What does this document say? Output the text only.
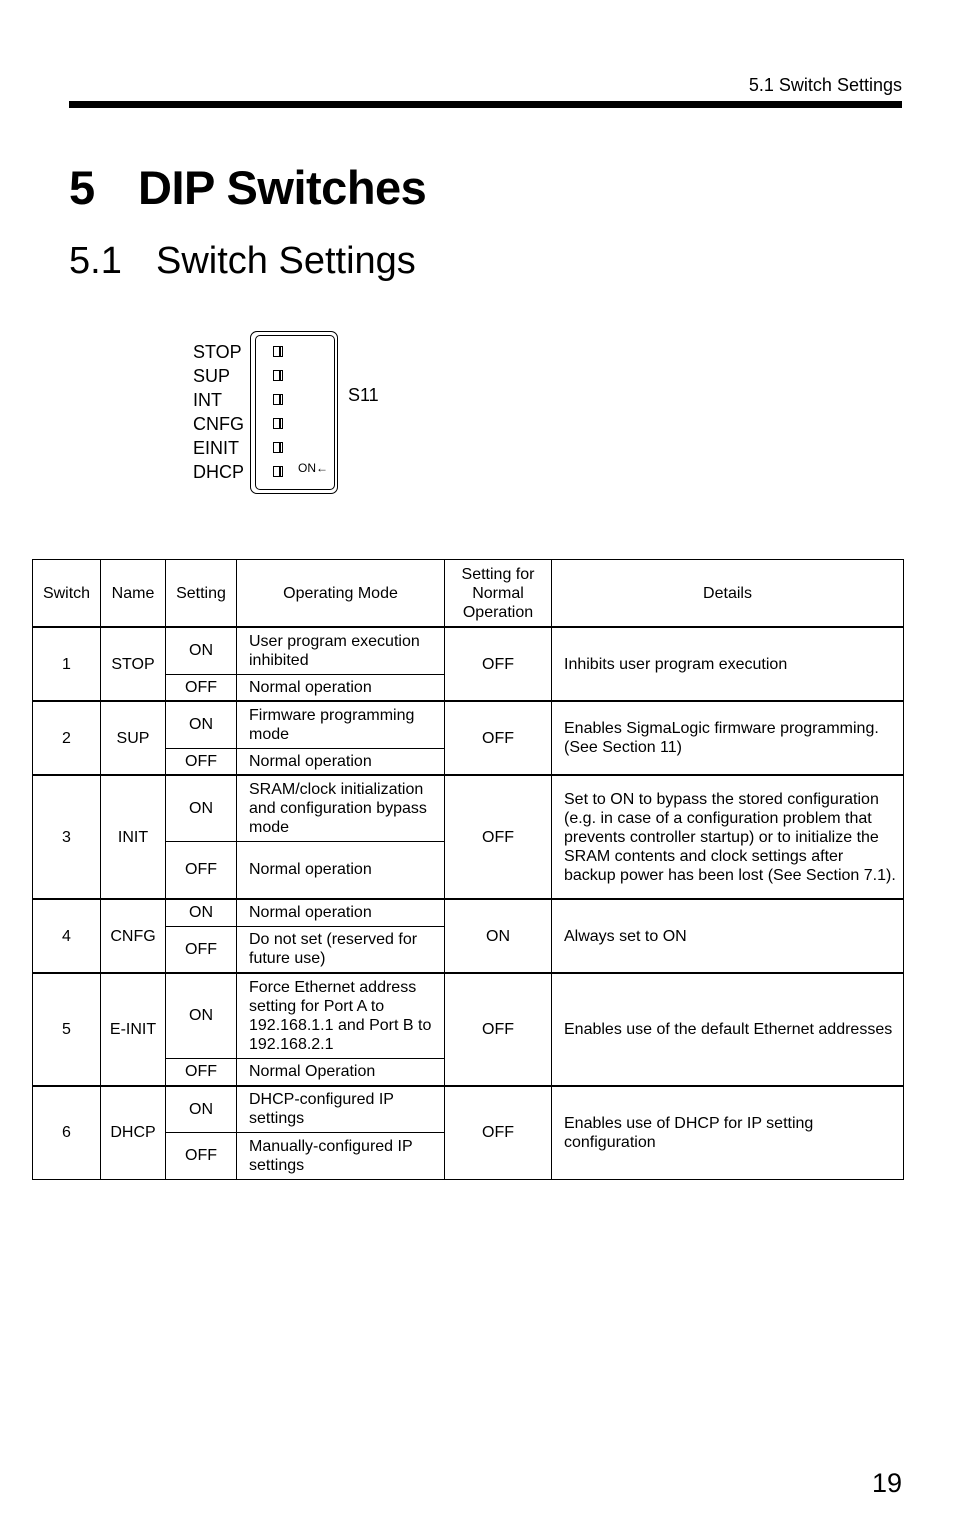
5.1 Switch Settings
5 DIP Switches
5.1 Switch Settings
STOP
SUP
INT
CNFG
EINIT
DHCP	ON←
S11
Switch	Name	Setting	Operating Mode	Setting for Normal Operation	Details
1	STOP	ON	User program execution inhibited	OFF	Inhibits user program execution
		OFF	Normal operation		
2	SUP	ON	Firmware programming mode	OFF	Enables SigmaLogic firmware programming. (See Section 11)
		OFF	Normal operation		
3	INIT	ON	SRAM/clock initialization and configuration bypass mode	OFF	Set to ON to bypass the stored configuration (e.g. in case of a configuration problem that prevents controller startup) or to initialize the SRAM contents and clock settings after backup power has been lost (See Section 7.1).
		OFF	Normal operation		
4	CNFG	ON	Normal operation	ON	Always set to ON
		OFF	Do not set (reserved for future use)		
5	E-INIT	ON	Force Ethernet address setting for Port A to 192.168.1.1 and Port B to 192.168.2.1	OFF	Enables use of the default Ethernet addresses
		OFF	Normal Operation		
6	DHCP	ON	DHCP-configured IP settings	OFF	Enables use of DHCP for IP setting configuration
		OFF	Manually-configured IP settings		
19
